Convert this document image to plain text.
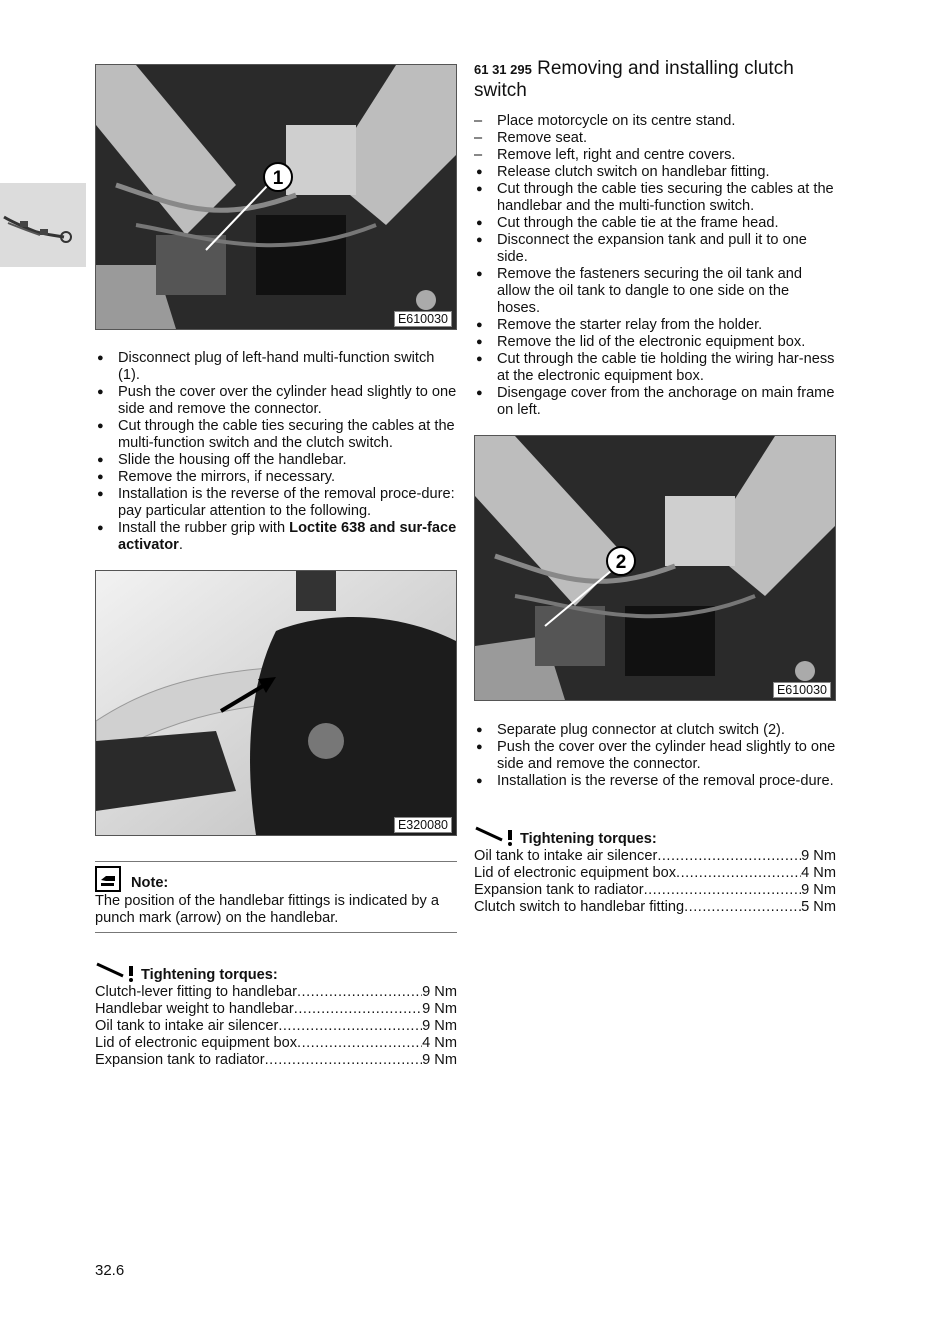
1
E610030
● Disconnect plug of left-hand multi-function switch (1).
● Push the cover over the cylinder head slightly to one side and remove the connector.
● Cut through the cable ties securing the cables at the multi-function switch and the clutch switch.
● Slide the housing off the handlebar.
● Remove the mirrors, if necessary.
● Installation is the reverse of the removal proce-dure: pay particular attention to the following.
● Install the rubber grip with Loctite 638 and sur-face activator.
E320080
Note:
The position of the handlebar fittings is indicated by a punch mark (arrow) on the handlebar.
Tightening torques:
Clutch-lever fitting to handlebar .....	9 Nm
Handlebar weight to handlebar .....	9 Nm
Oil tank to intake air silencer .....	9 Nm
Lid of electronic equipment box .....	4 Nm
Expansion tank to radiator .....	9 Nm
61 31 295 Removing and installing clutch switch
– Place motorcycle on its centre stand.
– Remove seat.
– Remove left, right and centre covers.
● Release clutch switch on handlebar fitting.
● Cut through the cable ties securing the cables at the handlebar and the multi-function switch.
● Cut through the cable tie at the frame head.
● Disconnect the expansion tank and pull it to one side.
● Remove the fasteners securing the oil tank and allow the oil tank to dangle to one side on the hoses.
● Remove the starter relay from the holder.
● Remove the lid of the electronic equipment box.
● Cut through the cable tie holding the wiring har-ness at the electronic equipment box.
● Disengage cover from the anchorage on main frame on left.
2
E610030
● Separate plug connector at clutch switch (2).
● Push the cover over the cylinder head slightly to one side and remove the connector.
● Installation is the reverse of the removal proce-dure.
Tightening torques:
Oil tank to intake air silencer .....	9 Nm
Lid of electronic equipment box .....	4 Nm
Expansion tank to radiator .....	9 Nm
Clutch switch to handlebar fitting .....	5 Nm
32.6
